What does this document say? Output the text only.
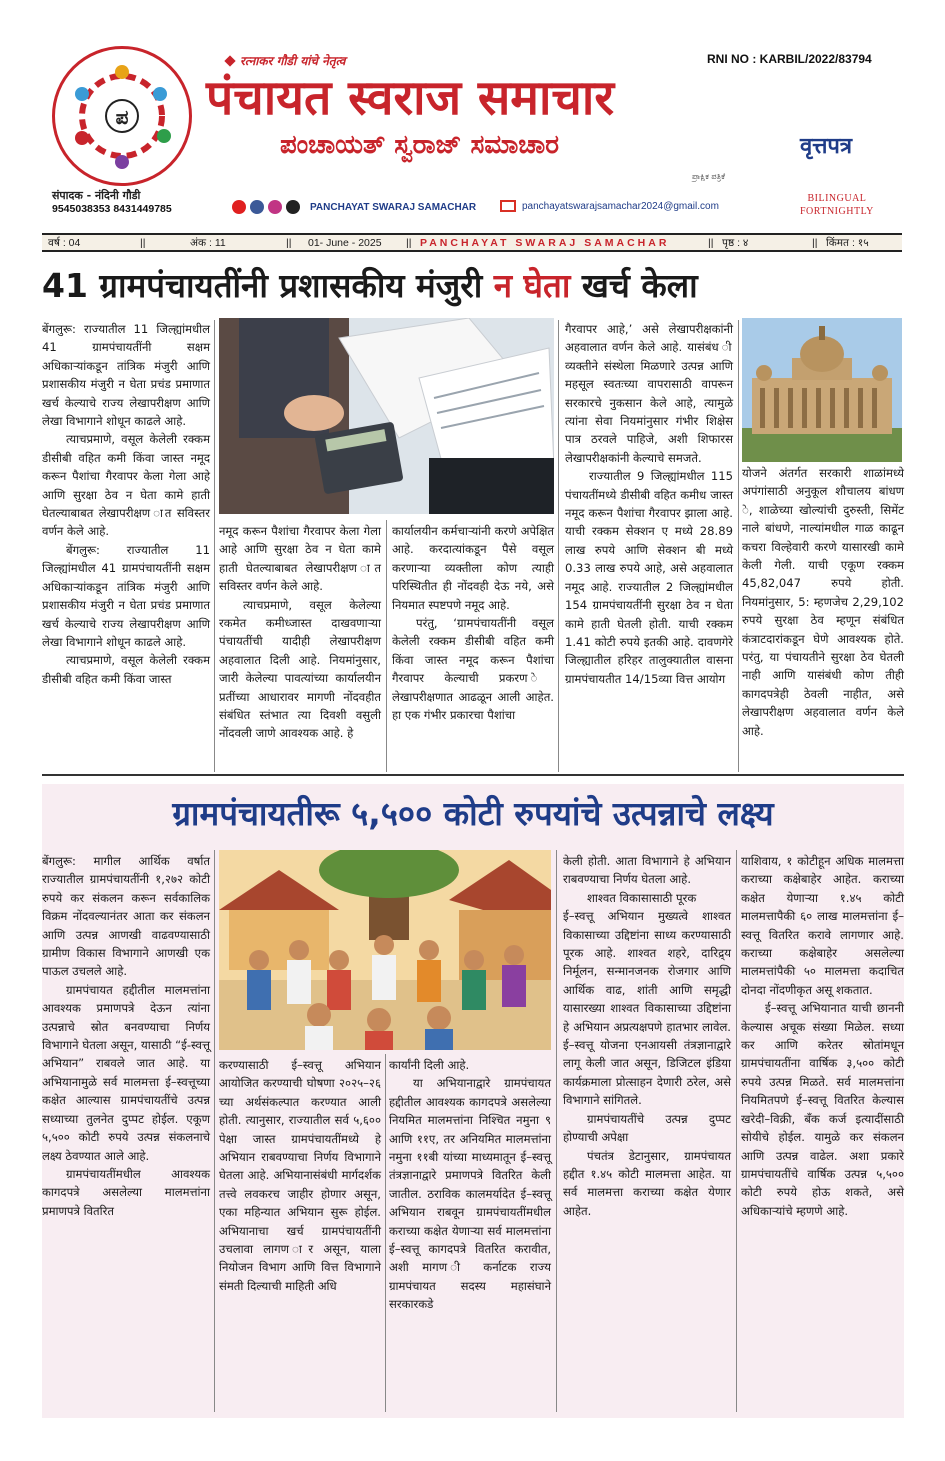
ಪ
संपादक - नंदिनी गौडी
9545038353 8431449785
रत्नाकर गौडी यांचे नेतृत्व	RNI NO : KARBIL/2022/83794
पंचायत स्वराज समाचार
ಪಂಚಾಯತ್ ಸ್ವರಾಜ್ ಸಮಾಚಾರ	वृत्तपत्र
ಪ್ರಾಕ್ಷಿಕ ಪತ್ರಿಕೆ
BILINGUAL
FORTNIGHTLY
PANCHAYAT SWARAJ SAMACHAR	panchayatswarajsamachar2024@gmail.com
वर्ष : 04	||	अंक : 11	||	01- June - 2025	|| PANCHAYAT SWARAJ SAMACHAR	|| पृष्ठ : ४	|| किंमत : १५
41 ग्रामपंचायतींनी प्रशासकीय मंजुरी न घेता खर्च केला

बेंगलुरू: राज्यातील 11 जिल्ह्यांमधील 41 ग्रामपंचायतींनी सक्षम अधिकाऱ्यांकडून तांत्रिक मंजुरी आणि प्रशासकीय मंजुरी न घेता प्रचंड प्रमाणात खर्च केल्याचे राज्य लेखापरीक्षण आणि लेखा विभागाने शोधून काढले आहे.

त्याचप्रमाणे, वसूल केलेली रक्कम डीसीबी वहित कमी किंवा जास्त नमूद करून पैशांचा गैरवापर केला गेला आहे आणि सुरक्षा ठेव न घेता कामे हाती घेतल्याबाबत लेखापरीक्षण ात सविस्तर वर्णन केले आहे.

बेंगलुरू: राज्यातील 11 जिल्ह्यांमधील 41 ग्रामपंचायतींनी सक्षम अधिकाऱ्यांकडून तांत्रिक मंजुरी आणि प्रशासकीय मंजुरी न घेता प्रचंड प्रमाणात खर्च केल्याचे राज्य लेखापरीक्षण आणि लेखा विभागाने शोधून काढले आहे.

त्याचप्रमाणे, वसूल केलेली रक्कम डीसीबी वहित कमी किंवा जास्त

नमूद करून पैशांचा गैरवापर केला गेला आहे आणि सुरक्षा ठेव न घेता कामे हाती घेतल्याबाबत लेखापरीक्षण ात सविस्तर वर्णन केले आहे.

त्याचप्रमाणे, वसूल केलेल्या रकमेत कमीध्जास्त दाखवणाऱ्या पंचायतींची यादीही लेखापरीक्षण अहवालात दिली आहे. नियमांनुसार, जारी केलेल्या पावत्यांच्या कार्यालयीन प्रतींच्या आधारावर मागणी नोंदवहीत संबंधित स्तंभात त्या दिवशी वसुली नोंदवली जाणे आवश्यक आहे. हे

कार्यालयीन कर्मचाऱ्यांनी करणे अपेक्षित आहे. करदात्यांकडून पैसे वसूल करणाऱ्या व्यक्तीला कोण त्याही परिस्थितीत ही नोंदवही देऊ नये, असे नियमात स्पष्टपणे नमूद आहे.

परंतु, ‘ग्रामपंचायतींनी वसूल केलेली रक्कम डीसीबी वहित कमी किंवा जास्त नमूद करून पैशांचा गैरवापर केल्याची प्रकरण े लेखापरीक्षणात आढळून आली आहेत. हा एक गंभीर प्रकारचा पैशांचा

गैरवापर आहे,’ असे लेखापरीक्षकांनी अहवालात वर्णन केले आहे. यासंबंध ी व्यक्तीने संस्थेला मिळणारे उत्पन्न आणि महसूल स्वतःच्या वापरासाठी वापरून सरकारचे नुकसान केले आहे, त्यामुळे त्यांना सेवा नियमांनुसार गंभीर शिक्षेस पात्र ठरवले पाहिजे, अशी शिफारस लेखापरीक्षकांनी केल्याचे समजते.

राज्यातील 9 जिल्ह्यांमधील 115 पंचायतींमध्ये डीसीबी वहित कमीध जास्त नमूद करून पैशांचा गैरवापर झाला आहे. याची रक्कम सेक्शन ए मध्ये 28.89 लाख रुपये आणि सेक्शन बी मध्ये 0.33 लाख रुपये आहे, असे अहवालात नमूद आहे. राज्यातील 2 जिल्ह्यांमधील 154 ग्रामपंचायतींनी सुरक्षा ठेव न घेता कामे हाती घेतली होती. याची रक्कम 1.41 कोटी रुपये इतकी आहे. दावणगेरे जिल्ह्यातील हरिहर तालुक्यातील वासना ग्रामपंचायतीत 14/15व्या वित्त आयोग

योजने अंतर्गत सरकारी शाळांमध्ये अपंगांसाठी अनुकूल शौचालय बांधण े, शाळेच्या खोल्यांची दुरुस्ती, सिमेंट नाले बांधणे, नाल्यांमधील गाळ काढून कचरा विल्हेवारी करणे यासारखी कामे केली गेली. याची एकूण रक्कम 45,82,047 रुपये होती. नियमांनुसार, 5: म्हणजेच 2,29,102 रुपये सुरक्षा ठेव म्हणून संबंधित कंत्राटदारांकडून घेणे आवश्यक होते. परंतु, या पंचायतीने सुरक्षा ठेव घेतली नाही आणि यासंबंधी कोण तीही कागदपत्रेही ठेवली नाहीत, असे लेखापरीक्षण अहवालात वर्णन केले आहे.

ग्रामपंचायतीरू ५,५०० कोटी रुपयांचे उत्पन्नाचे लक्ष्य

बेंगलुरू: मागील आर्थिक वर्षात राज्यातील ग्रामपंचायतींनी १,२७२ कोटी रुपये कर संकलन करून सर्वकालिक विक्रम नोंदवल्यानंतर आता कर संकलन आणि उत्पन्न आणखी वाढवण्यासाठी ग्रामीण विकास विभागाने आणखी एक पाऊल उचलले आहे.

ग्रामपंचायत हद्दीतील मालमत्तांना आवश्यक प्रमाणपत्रे देऊन त्यांना उत्पन्नाचे स्रोत बनवण्याचा निर्णय विभागाने घेतला असून, यासाठी “ई-स्वत्तू अभियान” राबवले जात आहे. या अभियानामुळे सर्व मालमत्ता ई–स्वत्तूच्या कक्षेत आल्यास ग्रामपंचायतींचे उत्पन्न सध्याच्या तुलनेत दुप्पट होईल. एकूण ५,५०० कोटी रुपये उत्पन्न संकलनाचे लक्ष्य ठेवण्यात आले आहे.

ग्रामपंचायतींमधील आवश्यक कागदपत्रे असलेल्या मालमत्तांना प्रमाणपत्रे वितरित

करण्यासाठी ई–स्वत्तू अभियान आयोजित करण्याची घोषणा २०२५–२६ च्या अर्थसंकल्पात करण्यात आली होती. त्यानुसार, राज्यातील सर्व ५,६०० पेक्षा जास्त ग्रामपंचायतींमध्ये हे अभियान राबवण्याचा निर्णय विभागाने घेतला आहे. अभियानासंबंधी मार्गदर्शक तत्त्वे लवकरच जाहीर होणार असून, एका महिन्यात अभियान सुरू होईल. अभियानाचा खर्च ग्रामपंचायतींनी उचलावा लागण ार असून, याला नियोजन विभाग आणि वित्त विभागाने संमती दिल्याची माहिती अधि

कार्यांनी दिली आहे.

या अभियानाद्वारे ग्रामपंचायत हद्दीतील आवश्यक कागदपत्रे असलेल्या नियमित मालमत्तांना निश्चित नमुना ९ आणि ११ए, तर अनियमित मालमत्तांना नमुना ११बी यांच्या माध्यमातून ई–स्वत्तू तंत्रज्ञानाद्वारे प्रमाणपत्रे वितरित केली जातील. ठराविक कालमर्यादेत ई–स्वत्तू अभियान राबवून ग्रामपंचायतींमधील कराच्या कक्षेत येणाऱ्या सर्व मालमत्तांना ई–स्वत्तू कागदपत्रे वितरित करावीत, अशी मागण ी कर्नाटक राज्य ग्रामपंचायत सदस्य महासंघाने सरकारकडे

केली होती. आता विभागाने हे अभियान राबवण्याचा निर्णय घेतला आहे.

शाश्वत विकासासाठी पूरक

ई–स्वत्तू अभियान मुख्यत्वे शाश्वत विकासाच्या उद्दिष्टांना साध्य करण्यासाठी पूरक आहे. शाश्वत शहरे, दारिद्र्य निर्मूलन, सन्मानजनक रोजगार आणि आर्थिक वाढ, शांती आणि समृद्धी यासारख्या शाश्वत विकासाच्या उद्दिष्टांना हे अभियान अप्रत्यक्षपणे हातभार लावेल. ई–स्वत्तू योजना एनआयसी तंत्रज्ञानाद्वारे लागू केली जात असून, डिजिटल इंडिया कार्यक्रमाला प्रोत्साहन देणारी ठरेल, असे विभागाने सांगितले.

ग्रामपंचायतींचे उत्पन्न दुप्पट होण्याची अपेक्षा

पंचतंत्र डेटानुसार, ग्रामपंचायत हद्दीत १.४५ कोटी मालमत्ता आहेत. या सर्व मालमत्ता कराच्या कक्षेत येणार आहेत.

याशिवाय, १ कोटीहून अधिक मालमत्ता कराच्या कक्षेबाहेर आहेत. कराच्या कक्षेत येणाऱ्या १.४५ कोटी मालमत्तापैकी ६० लाख मालमत्तांना ई–स्वत्तू वितरित करावे लागणार आहे. कराच्या कक्षेबाहेर असलेल्या मालमत्तांपैकी ५० मालमत्ता कदाचित दोनदा नोंदणीकृत असू शकतात.

ई–स्वत्तू अभियानात याची छाननी केल्यास अचूक संख्या मिळेल. सध्या कर आणि करेतर स्रोतांमधून ग्रामपंचायतींना वार्षिक ३,५०० कोटी रुपये उत्पन्न मिळते. सर्व मालमत्तांना नियमितपणे ई–स्वत्तू वितरित केल्यास खरेदी–विक्री, बँक कर्ज इत्यादींसाठी सोयीचे होईल. यामुळे कर संकलन आणि उत्पन्न वाढेल. अशा प्रकारे ग्रामपंचायतींचे वार्षिक उत्पन्न ५,५०० कोटी रुपये होऊ शकते, असे अधिकाऱ्यांचे म्हणणे आहे.
